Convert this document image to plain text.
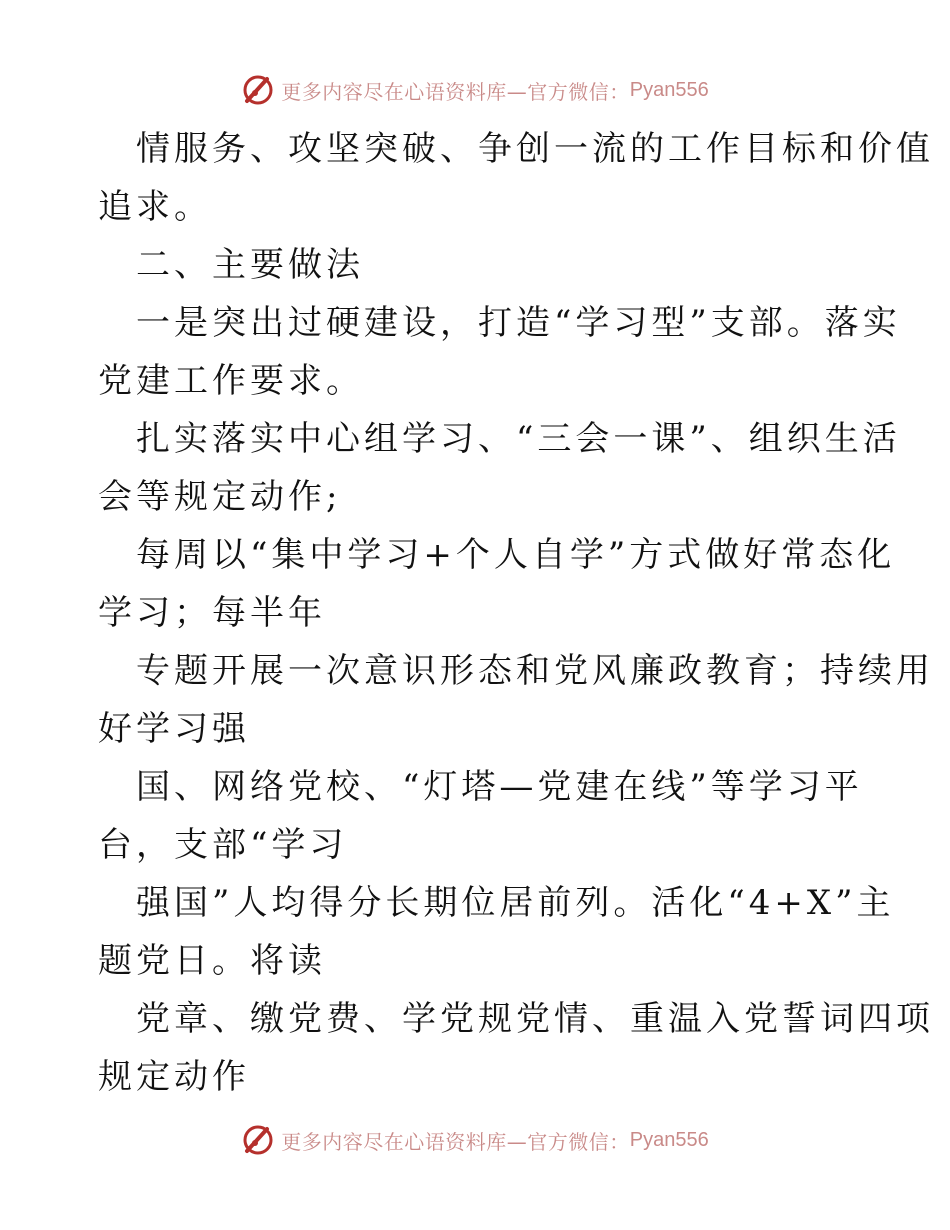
更多内容尽在心语资料库—官方微信： Pyan556
情服务、攻坚突破、争创一流的工作目标和价值
追求。
二、主要做法
一是突出过硬建设，打造“学习型”支部。落实
党建工作要求。
扎实落实中心组学习、“三会一课”、组织生活
会等规定动作;
每周以“集中学习+个人自学”方式做好常态化
学习；每半年
专题开展一次意识形态和党风廉政教育；持续用
好学习强
国、网络党校、“灯塔—党建在线”等学习平
台，支部“学习
强国”人均得分长期位居前列。活化“4+X”主
题党日。将读
党章、缴党费、学党规党情、重温入党誓词四项
规定动作
更多内容尽在心语资料库—官方微信： Pyan556
